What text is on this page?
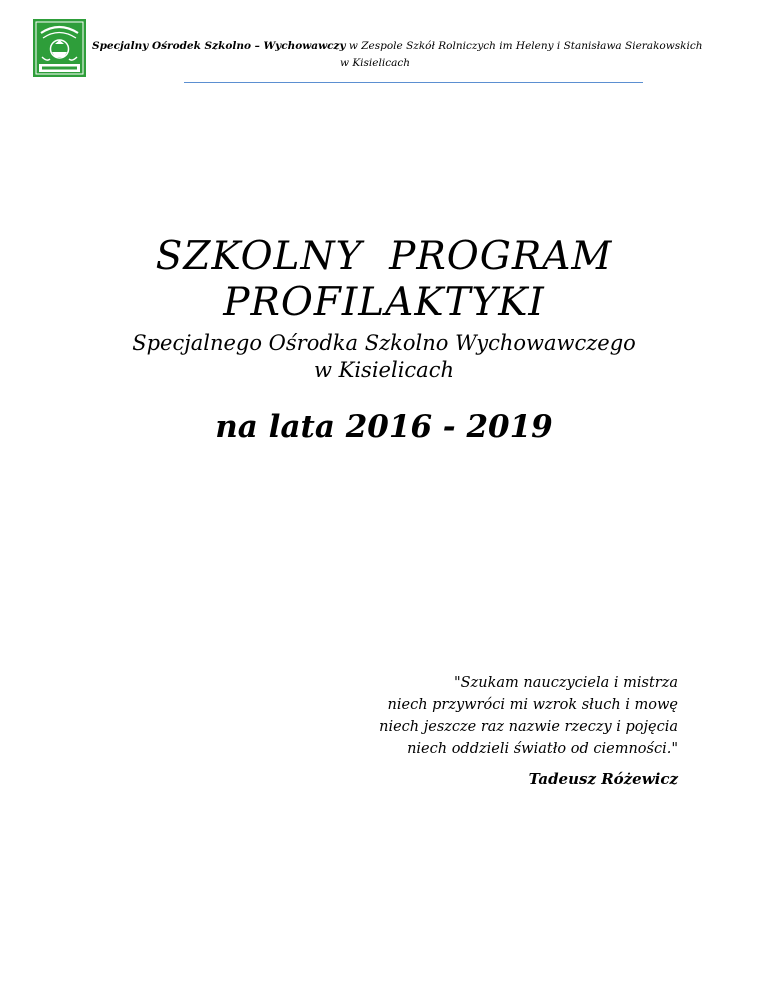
Specjalny Ośrodek Szkolno – Wychowawczy w Zespole Szkół Rolniczych im Heleny i Stanisława Sierakowskich
w Kisielicach
SZKOLNY  PROGRAM
PROFILAKTYKI
Specjalnego Ośrodka Szkolno Wychowawczego
w Kisielicach
na lata 2016 - 2019
"Szukam nauczyciela i mistrza
niech przywróci mi wzrok słuch i mowę
niech jeszcze raz nazwie rzeczy i pojęcia
niech oddzieli światło od ciemności."
Tadeusz Różewicz
